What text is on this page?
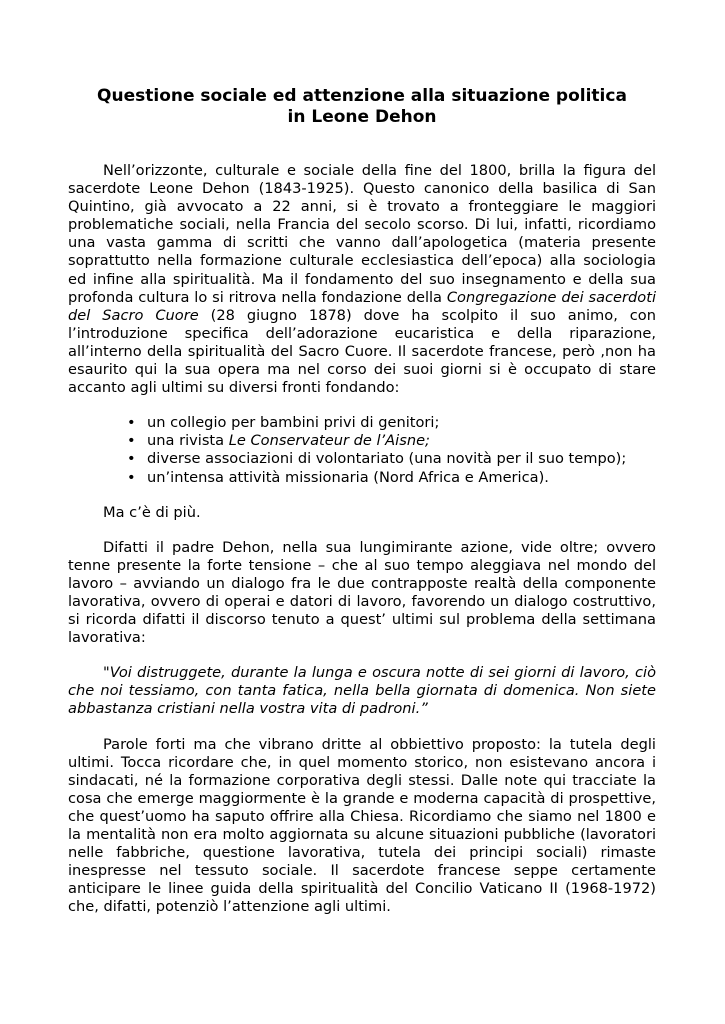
Questione sociale ed attenzione alla situazione politica
in Leone Dehon

Nell’orizzonte, culturale e sociale della fine del 1800, brilla la figura del sacerdote Leone Dehon (1843-1925). Questo canonico della basilica di San Quintino, già avvocato a 22 anni, si è trovato a fronteggiare le maggiori problematiche sociali, nella Francia del secolo scorso. Di lui, infatti, ricordiamo una vasta gamma di scritti che vanno dall’apologetica (materia presente soprattutto nella formazione culturale ecclesiastica dell’epoca) alla sociologia ed infine alla spiritualità. Ma il fondamento del suo insegnamento e della sua profonda cultura lo si ritrova nella fondazione della Congregazione dei sacerdoti del Sacro Cuore (28 giugno 1878) dove ha scolpito il suo animo, con l’introduzione specifica dell’adorazione eucaristica e della riparazione, all’interno della spiritualità del Sacro Cuore. Il sacerdote francese, però ,non ha esaurito qui la sua opera ma nel corso dei suoi giorni si è occupato di stare accanto agli ultimi su diversi fronti fondando:

• un collegio per bambini privi di genitori;
• una rivista Le Conservateur de l’Aisne;
• diverse associazioni di volontariato (una novità per il suo tempo);
• un’intensa attività missionaria (Nord Africa e America).

Ma c’è di più.

Difatti il padre Dehon, nella sua lungimirante azione, vide oltre; ovvero tenne presente la forte tensione – che al suo tempo aleggiava nel mondo del lavoro – avviando un dialogo fra le due contrapposte realtà della componente lavorativa, ovvero di operai e datori di lavoro, favorendo un dialogo costruttivo, si ricorda difatti il discorso tenuto a quest’ ultimi sul problema della settimana lavorativa:

"Voi distruggete, durante la lunga e oscura notte di sei giorni di lavoro, ciò che noi tessiamo, con tanta fatica, nella bella giornata di domenica. Non siete abbastanza cristiani nella vostra vita di padroni.”

Parole forti ma che vibrano dritte al obbiettivo proposto: la tutela degli ultimi. Tocca ricordare che, in quel momento storico, non esistevano ancora i sindacati, né la formazione corporativa degli stessi. Dalle note qui tracciate la cosa che emerge maggiormente è la grande e moderna capacità di prospettive, che quest’uomo ha saputo offrire alla Chiesa. Ricordiamo che siamo nel 1800 e la mentalità non era molto aggiornata su alcune situazioni pubbliche (lavoratori nelle fabbriche, questione lavorativa, tutela dei principi sociali) rimaste inespresse nel tessuto sociale. Il sacerdote francese seppe certamente anticipare le linee guida della spiritualità del Concilio Vaticano II (1968-1972) che, difatti, potenziò l’attenzione agli ultimi.
